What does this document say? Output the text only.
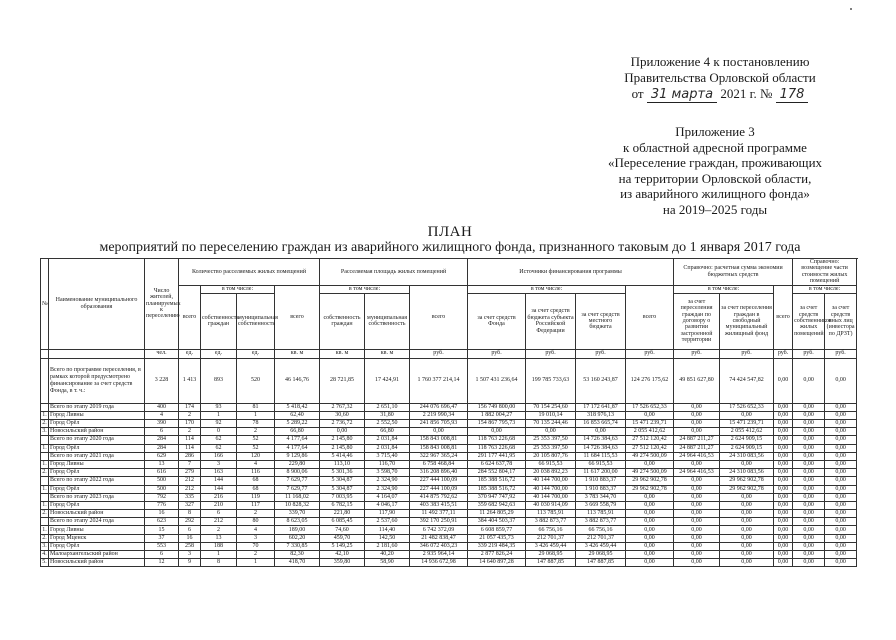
Приложение 4 к постановлению
Правительства Орловской области
от 31 марта 2021 г. № 178
Приложение 3
к областной адресной программе
«Переселение граждан, проживающих
на территории Орловской области,
из аварийного жилищного фонда»
на 2019–2025 годы
ПЛАН
мероприятий по переселению граждан из аварийного жилищного фонда, признанного таковым до 1 января 2017 года
№	Наименование муниципального образования	Число жителей, планируемых к переселению	Количество расселяемых жилых помещений				Расселяемая площадь жилых помещений			Источники финансирования программы				Справочно: расчетная сумма экономии бюджетных средств			Справочно: возмещение части стоимости жилых помещений	
			всего	в том числе:		всего	в том числе:		всего	в том числе:			всего	в том числе:		всего	в том числе:	
				собственность граждан	муниципальная собственность		собственность граждан	муниципальная собственность		за счет средств Фонда	за счет средств бюджета субъекта Российской Федерации	за счет средств местного бюджета		за счет переселения граждан по договору о развитии застроенной территории	за счет переселения граждан в свободный муниципальный жилищный фонд		за счет средств собственников жилых помещений	за счет средств иных лиц (инвестора по ДРЗТ)
		чел.	ед.	ед.	ед.	кв. м	кв. м	кв. м	руб.	руб.	руб.	руб.	руб.	руб.	руб.	руб.	руб.	руб.
	Всего по программе переселения, в рамках которой предусмотрено финансирование за счет средств Фонда, в т. ч.:	3 228	1 413	893	520	46 146,76	28 721,85	17 424,91	1 760 377 214,14	1 507 431 236,64	199 785 733,63	53 160 243,87	124 276 175,62	49 851 627,80	74 424 547,82	0,00	0,00	0,00
	Всего по этапу 2019 года	400	174	93	81	5 418,42	2 767,32	2 651,10	244 076 696,47	156 749 800,00	70 154 254,60	17 172 641,87	17 526 652,33	0,00	17 526 652,33	0,00	0,00	0,00
1.	Город Ливны	4	2	1	1	62,40	30,60	31,80	2 219 990,34	1 882 004,27	19 010,14	318 976,13	0,00	0,00	0,00	0,00	0,00	0,00
2.	Город Орёл	390	170	92	78	5 289,22	2 736,72	2 552,50	241 856 705,93	154 867 795,73	70 135 244,46	16 853 665,74	15 471 239,71	0,00	15 471 239,71	0,00	0,00	0,00
3.	Новосильский район	6	2	0	2	66,80	0,00	66,80	0,00	0,00	0,00	0,00	2 055 412,62	0,00	2 055 412,62	0,00	0,00	0,00
	Всего по этапу 2020 года	284	114	62	52	4 177,64	2 145,80	2 031,84	158 843 008,81	118 763 226,68	25 353 397,50	14 726 384,63	27 512 120,42	24 887 211,27	2 624 909,15	0,00	0,00	0,00
1.	Город Орёл	284	114	62	52	4 177,64	2 145,80	2 031,84	158 843 008,81	118 763 226,68	25 353 397,50	14 726 384,63	27 512 120,42	24 887 211,27	2 624 909,15	0,00	0,00	0,00
	Всего по этапу 2021 года	629	286	166	120	9 129,86	5 414,46	3 715,40	322 967 365,24	291 177 441,95	20 105 807,76	11 684 115,53	49 274 500,09	24 964 416,53	24 310 083,56	0,00	0,00	0,00
1.	Город Ливны	13	7	3	4	229,80	113,10	116,70	6 758 468,84	6 624 637,78	66 915,53	66 915,53	0,00	0,00	0,00	0,00	0,00	0,00
2.	Город Орёл	616	279	163	116	8 900,06	5 301,36	3 598,70	316 208 896,40	284 552 804,17	20 038 892,23	11 617 200,00	49 274 500,09	24 964 416,53	24 310 083,56	0,00	0,00	0,00
	Всего по этапу 2022 года	500	212	144	68	7 629,77	5 304,87	2 324,90	227 444 100,09	185 388 516,72	40 144 700,00	1 910 883,37	29 962 902,78	0,00	29 962 902,78	0,00	0,00	0,00
1.	Город Орёл	500	212	144	68	7 629,77	5 304,87	2 324,90	227 444 100,09	185 388 516,72	40 144 700,00	1 910 883,37	29 962 902,78	0,00	29 962 902,78	0,00	0,00	0,00
	Всего по этапу 2023 года	792	335	216	119	11 168,02	7 003,95	4 164,07	414 875 792,62	370 947 747,92	40 144 700,00	3 783 344,70	0,00	0,00	0,00	0,00	0,00	0,00
1.	Город Орёл	776	327	210	117	10 828,32	6 782,15	4 046,17	403 383 415,51	359 682 942,63	40 030 914,09	3 669 558,79	0,00	0,00	0,00	0,00	0,00	0,00
2.	Новосильский район	16	8	6	2	339,70	221,80	117,90	11 492 377,11	11 264 805,29	113 785,91	113 785,91	0,00	0,00	0,00	0,00	0,00	0,00
	Всего по этапу 2024 года	623	292	212	80	8 623,05	6 085,45	2 537,60	392 170 250,91	384 404 503,37	3 882 873,77	3 882 873,77	0,00	0,00	0,00	0,00	0,00	0,00
1.	Город Ливны	15	6	2	4	189,00	74,60	114,40	6 742 372,09	6 608 859,77	66 756,16	66 756,16	0,00	0,00	0,00	0,00	0,00	0,00
2.	Город Мценск	37	16	13	3	602,20	459,70	142,50	21 482 838,47	21 057 435,73	212 701,37	212 701,37	0,00	0,00	0,00	0,00	0,00	0,00
3.	Город Орёл	553	258	188	70	7 330,85	5 149,25	2 181,60	346 072 403,23	339 219 484,35	3 426 459,44	3 426 459,44	0,00	0,00	0,00	0,00	0,00	0,00
4.	Малоархангельский район	6	3	1	2	82,30	42,10	40,20	2 935 964,14	2 877 826,24	29 068,95	29 068,95	0,00	0,00	0,00	0,00	0,00	0,00
5.	Новосильский район	12	9	8	1	418,70	359,80	58,90	14 936 672,98	14 640 897,28	147 887,85	147 887,85	0,00	0,00	0,00	0,00	0,00	0,00
